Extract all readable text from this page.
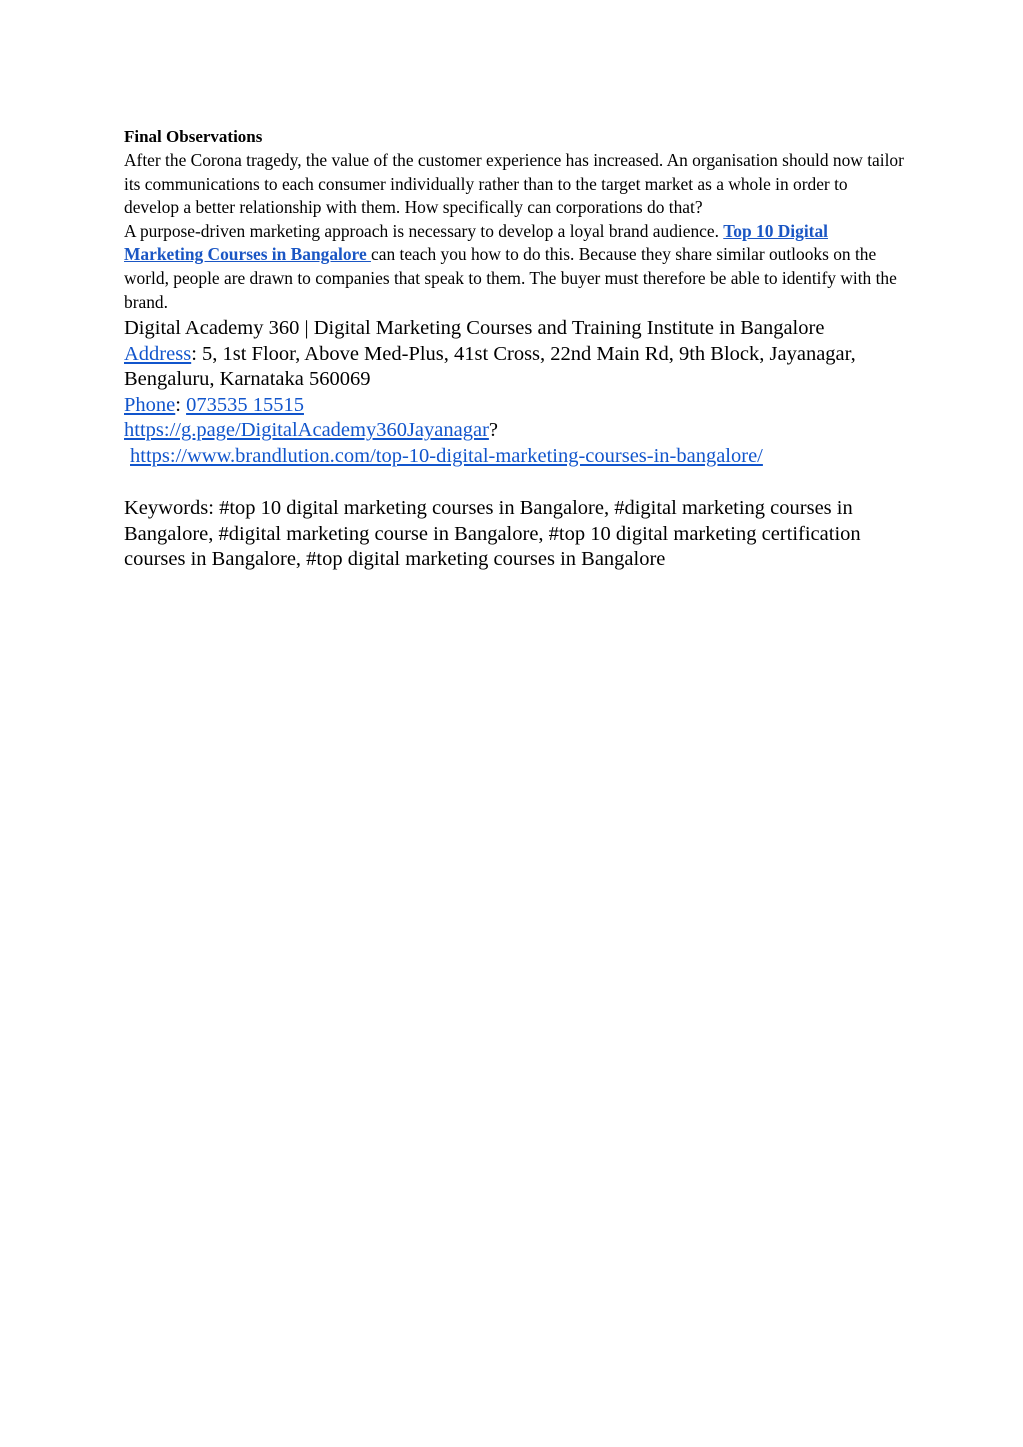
Final Observations

After the Corona tragedy, the value of the customer experience has increased. An organisation should now tailor its communications to each consumer individually rather than to the target market as a whole in order to develop a better relationship with them. How specifically can corporations do that?

A purpose-driven marketing approach is necessary to develop a loyal brand audience. Top 10 Digital Marketing Courses in Bangalore can teach you how to do this. Because they share similar outlooks on the world, people are drawn to companies that speak to them. The buyer must therefore be able to identify with the brand.

Digital Academy 360 | Digital Marketing Courses and Training Institute in Bangalore

Address: 5, 1st Floor, Above Med-Plus, 41st Cross, 22nd Main Rd, 9th Block, Jayanagar, Bengaluru, Karnataka 560069

Phone: 073535 15515

https://g.page/DigitalAcademy360Jayanagar?

https://www.brandlution.com/top-10-digital-marketing-courses-in-bangalore/

Keywords: #top 10 digital marketing courses in Bangalore, #digital marketing courses in Bangalore, #digital marketing course in Bangalore, #top 10 digital marketing certification courses in Bangalore, #top digital marketing courses in Bangalore
